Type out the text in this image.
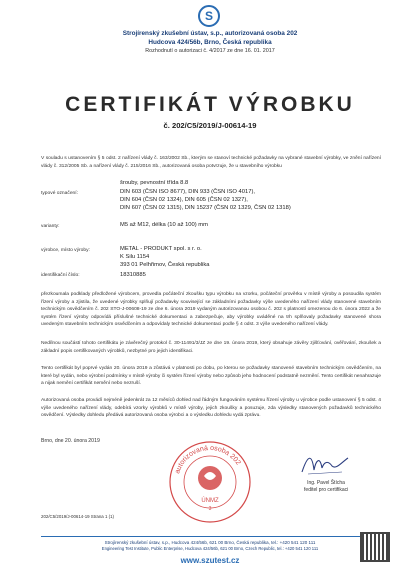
S
Strojírenský zkušební ústav, s.p., autorizovaná osoba 202
Hudcova 424/56b, Brno, Česká republika
Rozhodnutí o autorizaci č. 4/2017 ze dne 16. 01. 2017
CERTIFIKÁT VÝROBKU
č. 202/C5/2019/J-00614-19
V souladu s ustanovením § 5 odst. 2 nařízení vlády č. 163/2002 Sb., kterým se stanoví technické požadavky na vybrané stavební výrobky, ve znění nařízení vlády č. 312/2005 Sb. a nařízení vlády č. 215/2016 Sb., autorizovaná osoba potvrzuje, že u stavebního výrobku
šrouby, pevnostní třída 8.8
typové označení:	DIN 603 (ČSN ISO 8677), DIN 933 (ČSN ISO 4017),
DIN 604 (ČSN 02 1324), DIN 605 (ČSN 02 1327),
DIN 607 (ČSN 02 1315), DIN 15237 (ČSN 02 1329, ČSN 02 1318)
varianty:	M5 až M12, délka (10 až 100) mm
výrobce, místo výroby:	METAL - PRODUKT spol. s r. o.
K Silu 1154
393 01 Pelhřimov, Česká republika
identifikační číslo:	18310885
přezkoumala podklady předložené výrobcem, provedla počáteční zkoušku typu výrobku na vzorku, počáteční prověrku v místě výroby a posoudila systém řízení výroby a zjistila, že uvedené výrobky splňují požadavky související se základními požadavky výše uvedeného nařízení vlády stanovené stavebním technickým osvědčením č. 202 STO-J-00608-19 ze dne 6. února 2019 vydaným autorizovanou osobou č. 202 s platností omezenou do 6. února 2022 a že systém řízení výroby odpovídá příslušné technické dokumentaci a zabezpečuje, aby výrobky uváděné na trh splňovaly požadavky stanovené shora uvedeným stavebním technickým osvědčením a odpovídaly technické dokumentaci podle § 4 odst. 3 výše uvedeného nařízení vlády.
Nedílnou součástí tohoto certifikátu je závěrečný protokol č. 30-11491/3/JZ ze dne 19. února 2019, který obsahuje závěry zjišťování, ověřování, zkoušek a základní popis certifikovaných výrobků, nezbytné pro jejich identifikaci.
Tento certifikát byl poprvé vydán 20. února 2019 a zůstává v platnosti po dobu, po kterou se požadavky stanovené stavebním technickým osvědčením, na které byl vydán, nebo výrobní podmínky v místě výroby či systém řízení výroby nebo způsob jeho hodnocení podstatně nezmění. Tento certifikát nenahrazuje a nijak nemění certifikát nemění nebo nezruší.
Autorizovaná osoba provádí nejméně jedenkrát za 12 měsíců dohled nad řádným fungováním systému řízení výroby u výrobce podle ustanovení § 5 odst. 4 výše uvedeného nařízení vlády, odebírá vzorky výrobků v místě výroby, jejich zkoušky a posuzuje, zda výsledky stanovených požadavků technického osvědčení. Výsledky dohledu předává autorizovaná osoba výrobci a o výsledku dohledu vydá zprávu.
Brno, dne 20. února 2019
autorizovaná osoba 202
ÚNMZ
3
Ing. Pavel Štícha
ředitel pro certifikaci
202/C5/2019/J-00614-19 Strana 1 (1)
Strojírenský zkušební ústav, s.p., Hudcova 424/56b, 621 00 Brno, Česká republika, tel.: +420 541 120 111
Engineering Test Institute, Public Enterprise, Hudcova 424/56b, 621 00 Brno, Czech Republic, tel.: +420 541 120 111
www.szutest.cz
